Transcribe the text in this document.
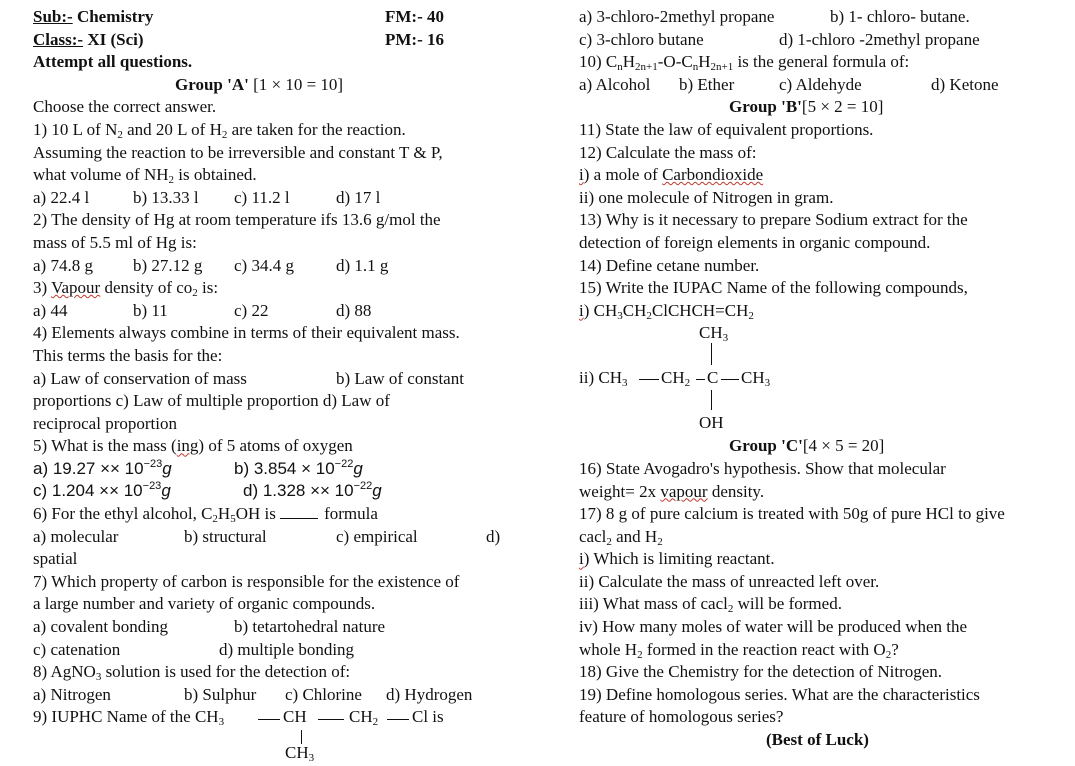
Sub:- Chemistry	FM:- 40
Class:- XI (Sci)	PM:- 16
Attempt all questions.
Group 'A' [1 × 10 = 10]
Choose the correct answer.
1) 10 L of $N_2$ and 20 L of $H_2$ are taken for the reaction.
Assuming the reaction to be irreversible and constant T & P,
what volume of $NH_2$ is obtained.
a) 22.4 l	b) 13.33 l c) 11.2 l	d) 17 l
2) The density of Hg at room temperature ifs 13.6 g/mol the
mass of 5.5 ml of Hg is:
a) 74.8 g b) 27.12 g c) 34.4 g d) 1.1 g
3) Vapour density of $co_2$ is:
a) 44	b) 11	c) 22	d) 88
4) Elements always combine in terms of their equivalent mass.
This terms the basis for the:
a) Law of conservation of mass	b) Law of constant
proportions c) Law of multiple proportion d) Law of
reciprocal proportion
5) What is the mass (ing) of 5 atoms of oxygen
a) $19.27 \times\times 10^{-23}g$	b) $3.854 \times 10^{-22}g$
c) $1.204 \times\times 10^{-23}g$	d) $1.328 \times\times 10^{-22}g$
6) For the ethyl alcohol, $C_2H_5OH$ is	formula
a) molecular	b) structural	c) empirical	d)
spatial
7) Which property of carbon is responsible for the existence of
a large number and variety of organic compounds.
a) covalent bonding	b) tetartohedral nature
c) catenation	d) multiple bonding
8) AgNO$_3$ solution is used for the detection of:
a) Nitrogen	b) Sulphur c) Chlorine d) Hydrogen
9) IUPHC Name of the $CH_3$	CH $CH_2$ Cl is
$CH_3$
a) 3-chloro-2methyl propane	b) 1- chloro- butane.
c) 3-chloro butane	d) 1-chloro -2methyl propane
10) $C_nH_{2n+1}-O-C_nH_{2n+1}$ is the general formula of:
a) Alcohol b) Ether	c) Aldehyde	d) Ketone
Group 'B'[5 × 2 = 10]
11) State the law of equivalent proportions.
12) Calculate the mass of:
i) a mole of Carbondioxide
ii) one molecule of Nitrogen in gram.
13) Why is it necessary to prepare Sodium extract for the
detection of foreign elements in organic compound.
14) Define cetane number.
15) Write the IUPAC Name of the following compounds,
i) $CH_3CH_2ClCHCH=CH_2$
$CH_3$
ii) $CH_3$ $CH_2$ C $CH_3$
OH
Group 'C'[4 × 5 = 20]
16) State Avogadro's hypothesis. Show that molecular
weight= 2x vapour density.
17) 8 g of pure calcium is treated with 50g of pure HCl to give
cacl$_2$ and $H_2$
i) Which is limiting reactant.
ii) Calculate the mass of unreacted left over.
iii) What mass of cacl$_2$ will be formed.
iv) How many moles of water will be produced when the
whole $H_2$ formed in the reaction react with $O_2$?
18) Give the Chemistry for the detection of Nitrogen.
19) Define homologous series. What are the characteristics
feature of homologous series?
(Best of Luck)
